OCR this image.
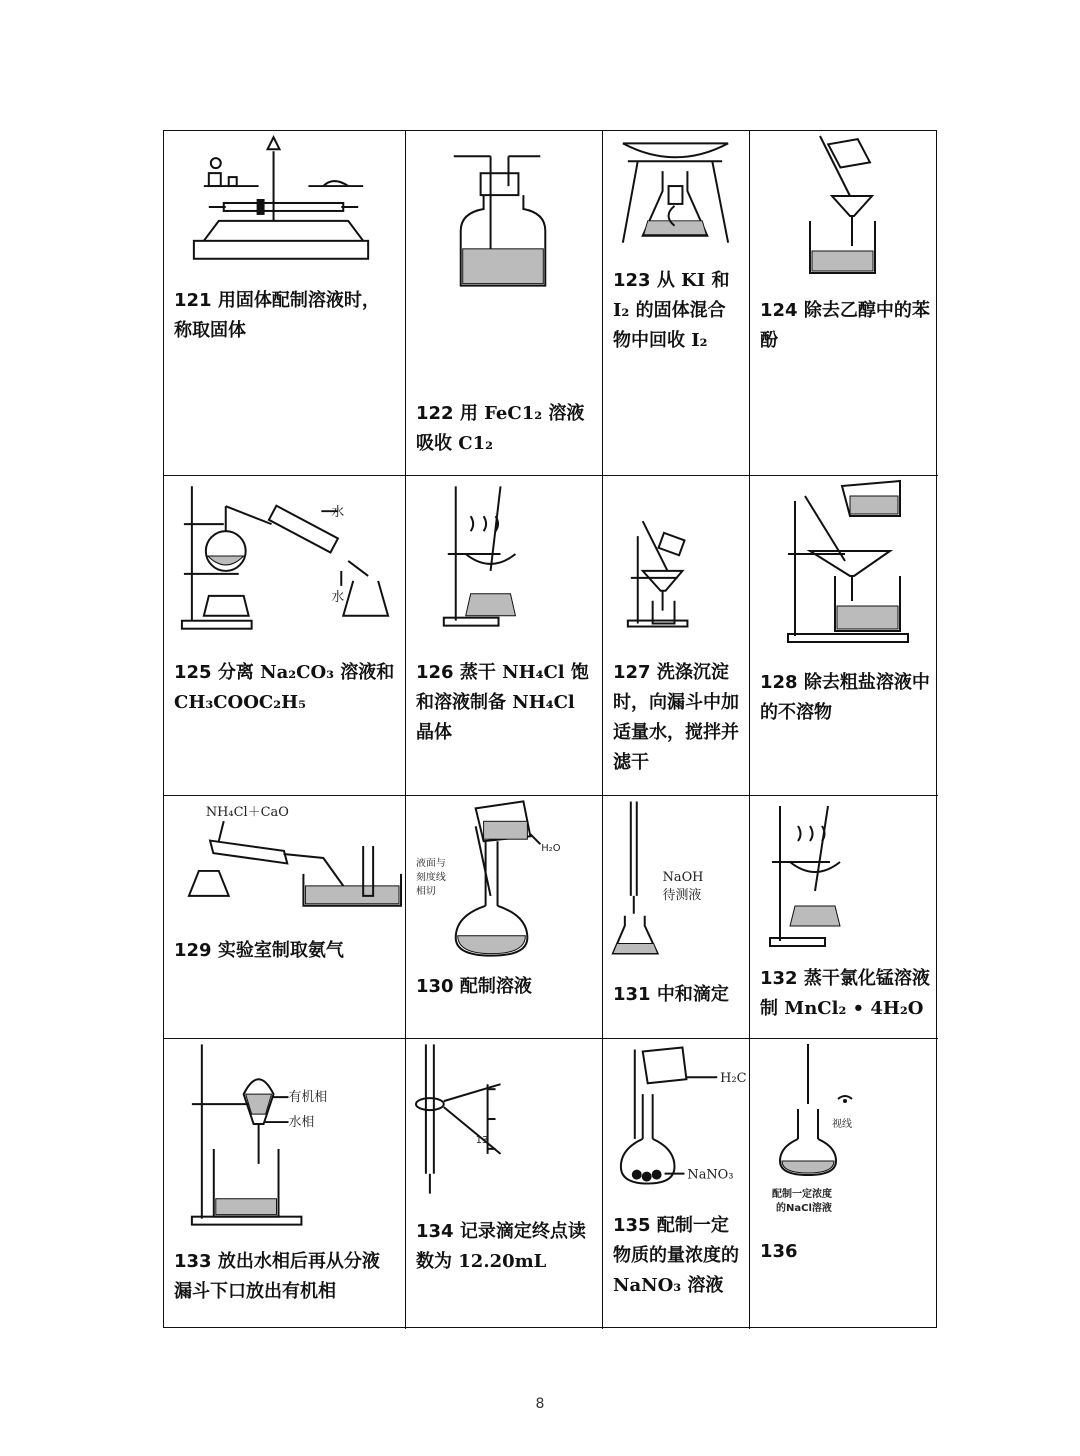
121 用固体配制溶液时，称取固体
122 用 FeC1₂ 溶液吸收 C1₂
123 从 KI 和 I₂ 的固体混合物中回收 I₂
124 除去乙醇中的苯酚
水
水
125 分离 Na₂CO₃ 溶液和 CH₃COOC₂H₅
126 蒸干 NH₄Cl 饱和溶液制备 NH₄Cl 晶体
127 洗涤沉淀时，向漏斗中加适量水，搅拌并滤干
128 除去粗盐溶液中的不溶物
NH₄Cl＋CaO
129 实验室制取氨气
H₂O
液面与
刻度线
相切
130 配制溶液
NaOH
待测液
131 中和滴定
132 蒸干氯化锰溶液制 MnCl₂ • 4H₂O
有机相
水相
133 放出水相后再从分液漏斗下口放出有机相
13
134 记录滴定终点读数为 12.20mL
H₂C
NaNO₃
135 配制一定物质的量浓度的 NaNO₃ 溶液
视线
配制一定浓度
的NaCl溶液
136
8
